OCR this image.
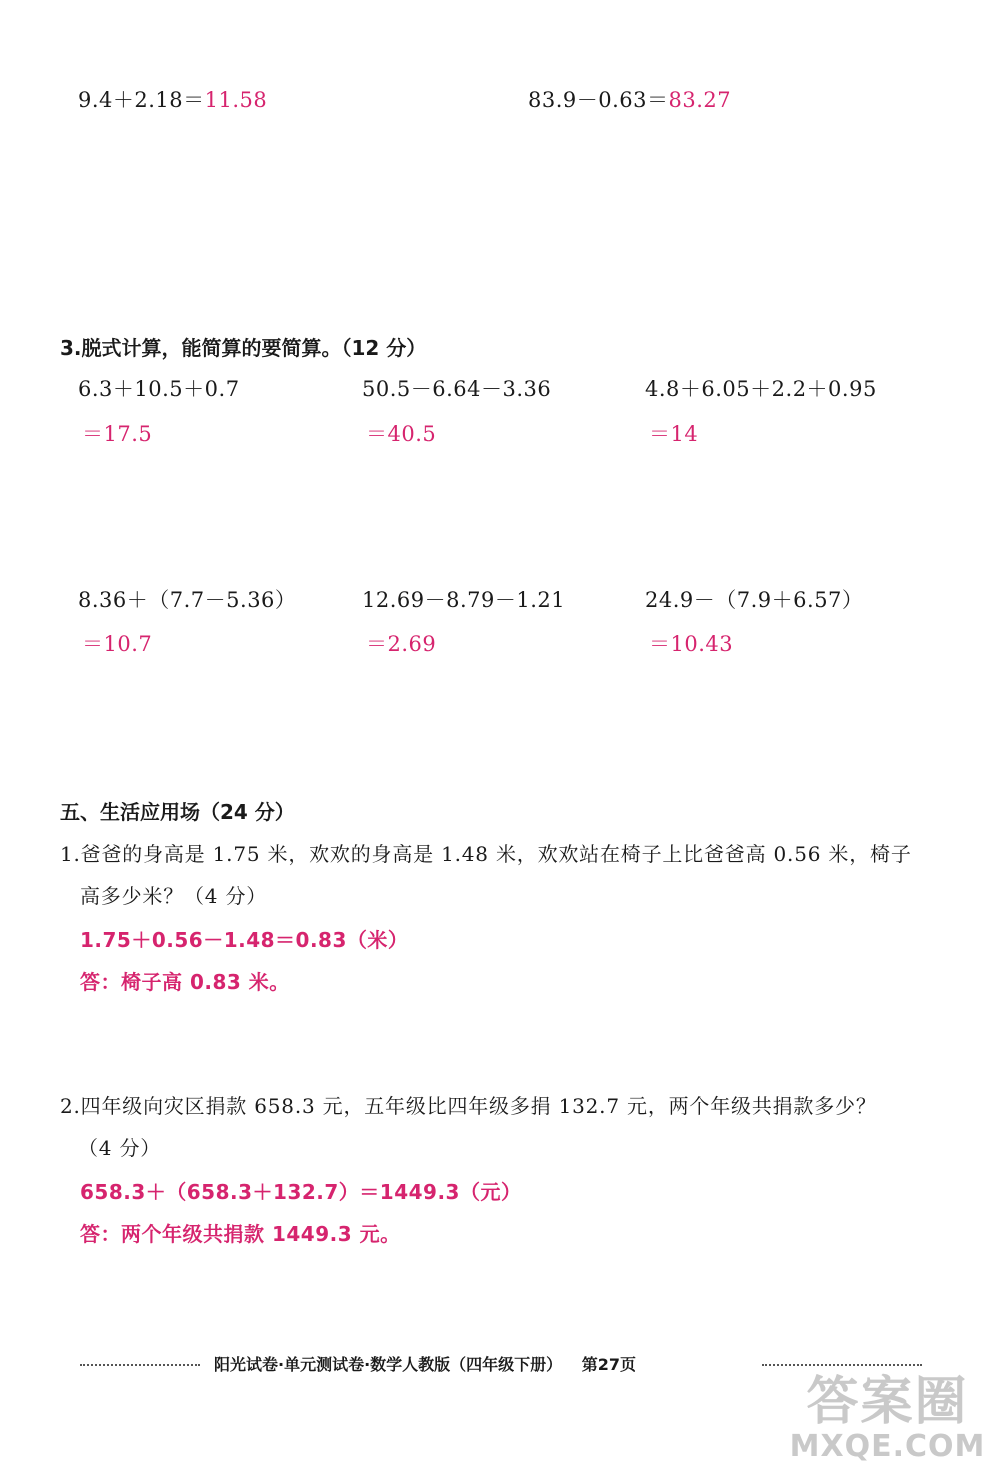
9.4＋2.18＝11.58	83.9－0.63＝83.27
3.脱式计算，能简算的要简算。（12 分）
6.3＋10.5＋0.7	50.5－6.64－3.36	4.8＋6.05＋2.2＋0.95
＝17.5	＝40.5	＝14
8.36＋（7.7－5.36）	12.69－8.79－1.21	24.9－（7.9＋6.57）
＝10.7	＝2.69	＝10.43
五、生活应用场（24 分）
1.爸爸的身高是 1.75 米，欢欢的身高是 1.48 米，欢欢站在椅子上比爸爸高 0.56 米，椅子
高多少米？（4 分）
1.75＋0.56－1.48＝0.83（米）
答：椅子高 0.83 米。
2.四年级向灾区捐款 658.3 元，五年级比四年级多捐 132.7 元，两个年级共捐款多少？
（4 分）
658.3＋（658.3＋132.7）＝1449.3（元）
答：两个年级共捐款 1449.3 元。
阳光试卷·单元测试卷·数学人教版（四年级下册） 第27页
答案圈
MXQE.COM
